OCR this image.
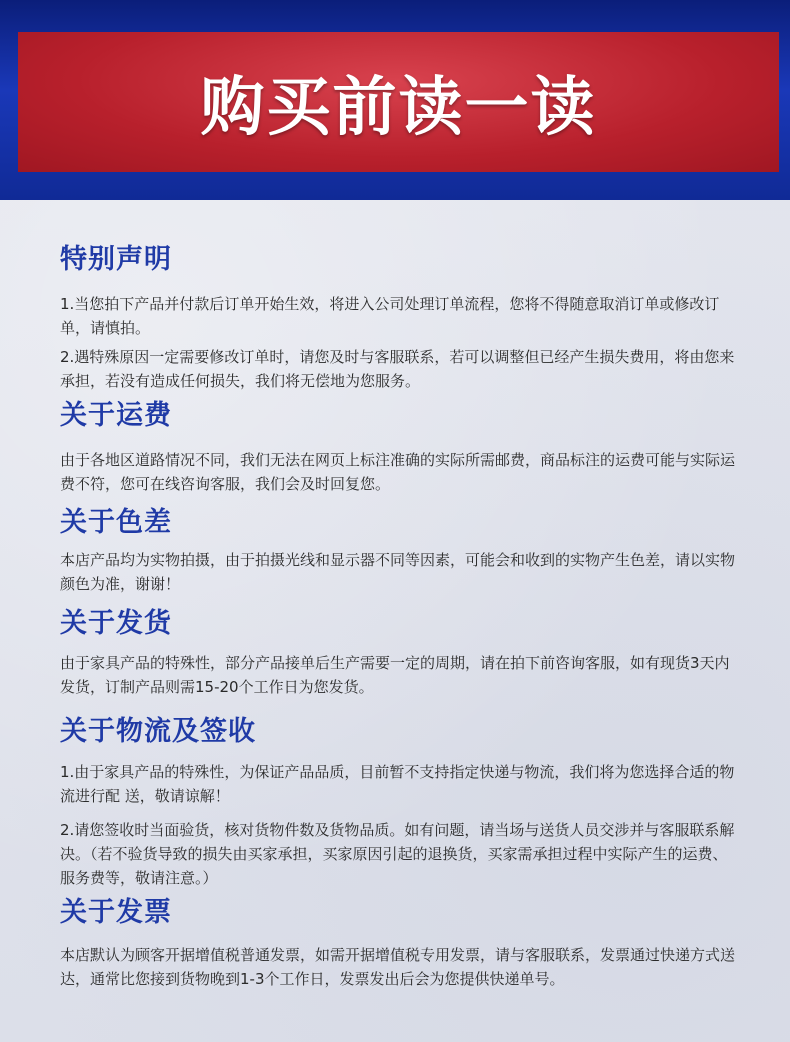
购买前读一读
特别声明

1.当您拍下产品并付款后订单开始生效，将进入公司处理订单流程，您将不得随意取消订单或修改订单，请慎拍。

2.遇特殊原因一定需要修改订单时，请您及时与客服联系，若可以调整但已经产生损失费用，将由您来承担，若没有造成任何损失，我们将无偿地为您服务。

关于运费

由于各地区道路情况不同，我们无法在网页上标注准确的实际所需邮费，商品标注的运费可能与实际运费不符，您可在线咨询客服，我们会及时回复您。

关于色差

本店产品均为实物拍摄，由于拍摄光线和显示器不同等因素，可能会和收到的实物产生色差，请以实物颜色为准，谢谢！

关于发货

由于家具产品的特殊性，部分产品接单后生产需要一定的周期，请在拍下前咨询客服，如有现货3天内发货，订制产品则需15-20个工作日为您发货。

关于物流及签收

1.由于家具产品的特殊性，为保证产品品质，目前暂不支持指定快递与物流，我们将为您选择合适的物流进行配 送，敬请谅解！

2.请您签收时当面验货，核对货物件数及货物品质。如有问题，请当场与送货人员交涉并与客服联系解决。（若不验货导致的损失由买家承担，买家原因引起的退换货，买家需承担过程中实际产生的运费、服务费等，敬请注意。）

关于发票

本店默认为顾客开据增值税普通发票，如需开据增值税专用发票，请与客服联系，发票通过快递方式送达，通常比您接到货物晚到1-3个工作日，发票发出后会为您提供快递单号。
